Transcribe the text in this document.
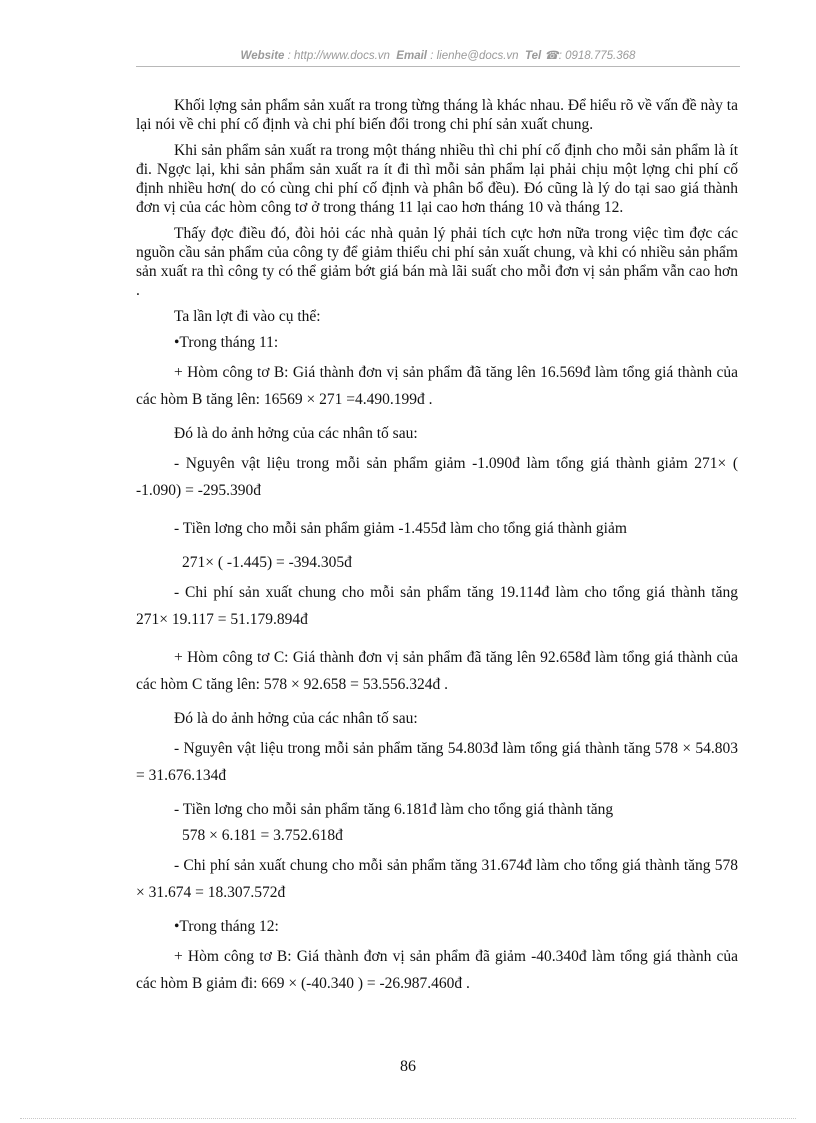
Website : http://www.docs.vn Email : lienhe@docs.vn Tel ☎: 0918.775.368

Khối lợng sản phẩm sản xuất ra trong từng tháng là khác nhau. Để hiểu rõ về vấn đề này ta lại nói về chi phí cố định và chi phí biến đổi trong chi phí sản xuất chung.

Khi sản phẩm sản xuất ra trong một tháng nhiều thì chi phí cố định cho mỗi sản phẩm là ít đi. Ngợc lại, khi sản phẩm sản xuất ra ít đi thì mỗi sản phẩm lại phải chịu một lợng chi phí cố định nhiều hơn( do có cùng chi phí cố định và phân bổ đều). Đó cũng là lý do tại sao giá thành đơn vị của các hòm công tơ ở trong tháng 11 lại cao hơn tháng 10 và tháng 12.

Thấy đợc điều đó, đòi hỏi các nhà quản lý phải tích cực hơn nữa trong việc tìm đợc các nguồn cầu sản phẩm của công ty để giảm thiểu chi phí sản xuất chung, và khi có nhiều sản phẩm sản xuất ra thì công ty có thể giảm bớt giá bán mà lãi suất cho mỗi đơn vị sản phẩm vẫn cao hơn .

Ta lần lợt đi vào cụ thể:

•Trong tháng 11:

+ Hòm công tơ B: Giá thành đơn vị sản phẩm đã tăng lên 16.569đ làm tổng giá thành của các hòm B tăng lên: 16569 × 271 =4.490.199đ .

Đó là do ảnh hởng của các nhân tố sau:

- Nguyên vật liệu trong mỗi sản phẩm giảm -1.090đ làm tổng giá thành giảm 271× ( -1.090) = -295.390đ

- Tiền lơng cho mỗi sản phẩm giảm -1.455đ làm cho tổng giá thành giảm

271× ( -1.445) = -394.305đ

- Chi phí sản xuất chung cho mỗi sản phẩm tăng 19.114đ làm cho tổng giá thành tăng 271× 19.117 = 51.179.894đ

+ Hòm công tơ C: Giá thành đơn vị sản phẩm đã tăng lên 92.658đ làm tổng giá thành của các hòm C tăng lên: 578 × 92.658 = 53.556.324đ .

Đó là do ảnh hởng của các nhân tố sau:

- Nguyên vật liệu trong mỗi sản phẩm tăng 54.803đ làm tổng giá thành tăng 578 × 54.803 = 31.676.134đ

- Tiền lơng cho mỗi sản phẩm tăng 6.181đ làm cho tổng giá thành tăng

578 × 6.181 = 3.752.618đ

- Chi phí sản xuất chung cho mỗi sản phẩm tăng 31.674đ làm cho tổng giá thành tăng 578 × 31.674 = 18.307.572đ

•Trong tháng 12:

+ Hòm công tơ B: Giá thành đơn vị sản phẩm đã giảm -40.340đ làm tổng giá thành của các hòm B giảm đi: 669 × (-40.340 ) = -26.987.460đ .

86
